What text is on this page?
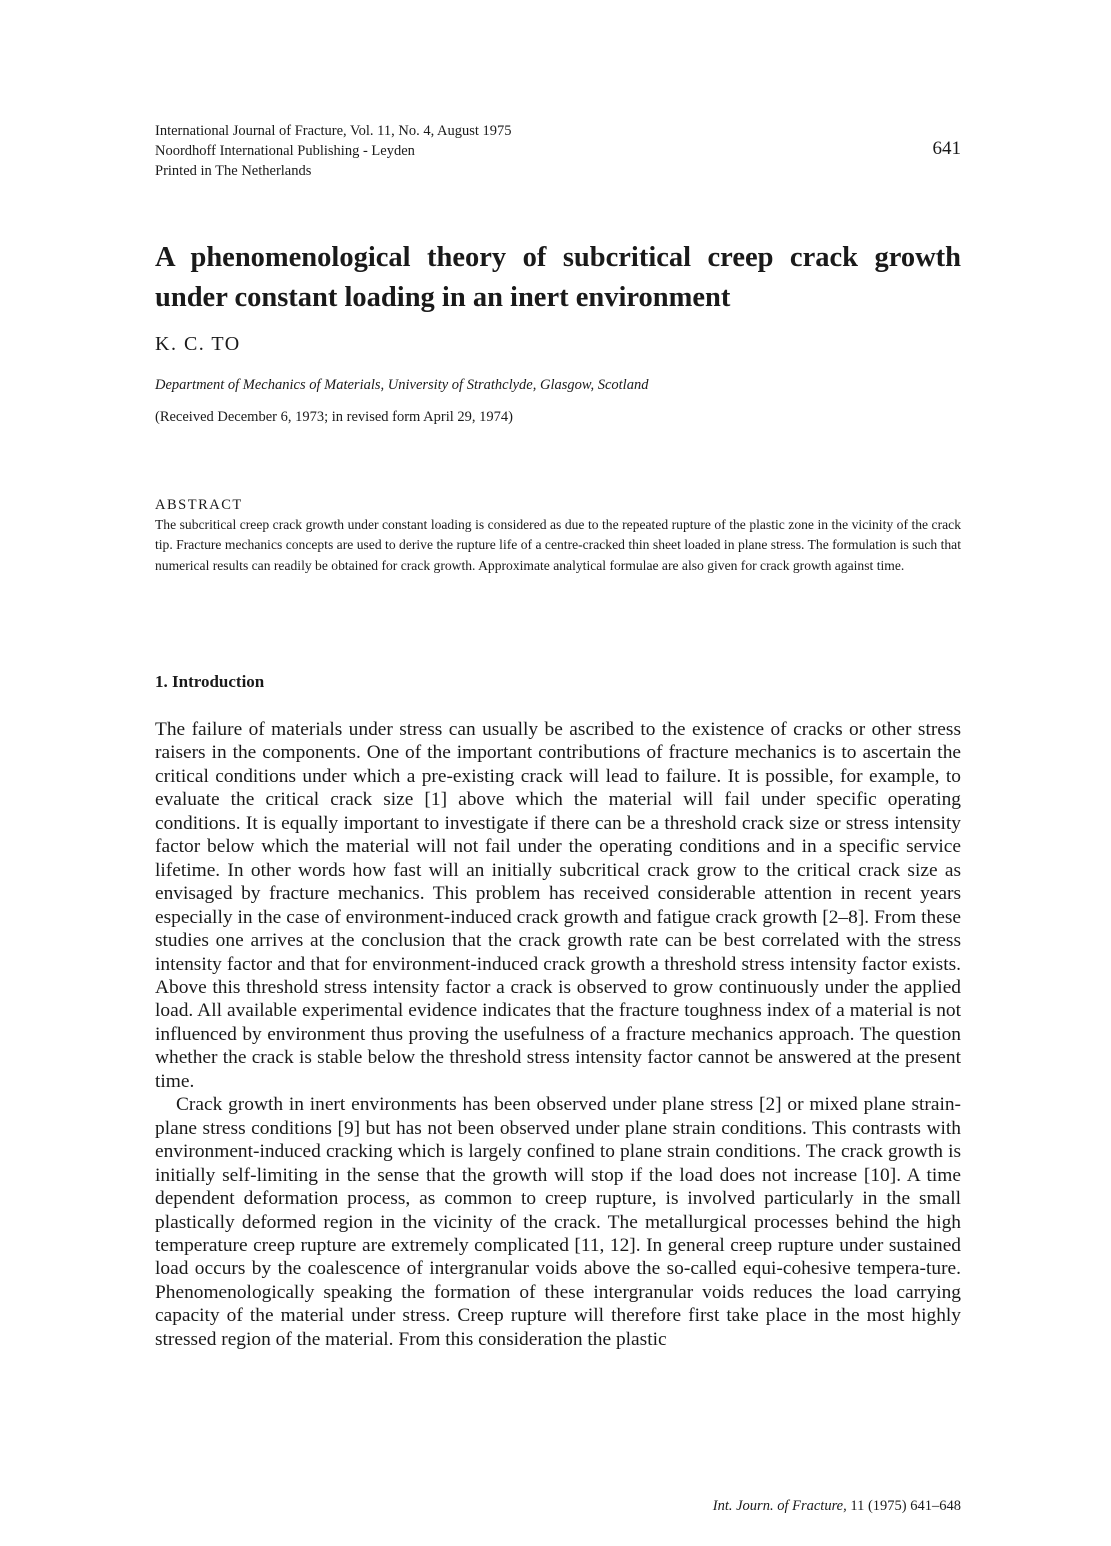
International Journal of Fracture, Vol. 11, No. 4, August 1975
Noordhoff International Publishing - Leyden
Printed in The Netherlands
641
A phenomenological theory of subcritical creep crack growth under constant loading in an inert environment
K. C. TO
Department of Mechanics of Materials, University of Strathclyde, Glasgow, Scotland
(Received December 6, 1973; in revised form April 29, 1974)
ABSTRACT

The subcritical creep crack growth under constant loading is considered as due to the repeated rupture of the plastic zone in the vicinity of the crack tip. Fracture mechanics concepts are used to derive the rupture life of a centre-cracked thin sheet loaded in plane stress. The formulation is such that numerical results can readily be obtained for crack growth. Approximate analytical formulae are also given for crack growth against time.

1. Introduction

The failure of materials under stress can usually be ascribed to the existence of cracks or other stress raisers in the components. One of the important contributions of fracture mechanics is to ascertain the critical conditions under which a pre-existing crack will lead to failure. It is possible, for example, to evaluate the critical crack size [1] above which the material will fail under specific operating conditions. It is equally important to investigate if there can be a threshold crack size or stress intensity factor below which the material will not fail under the operating conditions and in a specific service lifetime. In other words how fast will an initially subcritical crack grow to the critical crack size as envisaged by fracture mechanics. This problem has received considerable attention in recent years especially in the case of environment-induced crack growth and fatigue crack growth [2–8]. From these studies one arrives at the conclusion that the crack growth rate can be best correlated with the stress intensity factor and that for environment-induced crack growth a threshold stress intensity factor exists. Above this threshold stress intensity factor a crack is observed to grow continuously under the applied load. All available experimental evidence indicates that the fracture toughness index of a material is not influenced by environment thus proving the usefulness of a fracture mechanics approach. The question whether the crack is stable below the threshold stress intensity factor cannot be answered at the present time.

Crack growth in inert environments has been observed under plane stress [2] or mixed plane strain-plane stress conditions [9] but has not been observed under plane strain conditions. This contrasts with environment-induced cracking which is largely confined to plane strain conditions. The crack growth is initially self-limiting in the sense that the growth will stop if the load does not increase [10]. A time dependent deformation process, as common to creep rupture, is involved particularly in the small plastically deformed region in the vicinity of the crack. The metallurgical processes behind the high temperature creep rupture are extremely complicated [11, 12]. In general creep rupture under sustained load occurs by the coalescence of intergranular voids above the so-called equi-cohesive tempera-ture. Phenomenologically speaking the formation of these intergranular voids reduces the load carrying capacity of the material under stress. Creep rupture will therefore first take place in the most highly stressed region of the material. From this consideration the plastic

Int. Journ. of Fracture, 11 (1975) 641–648
